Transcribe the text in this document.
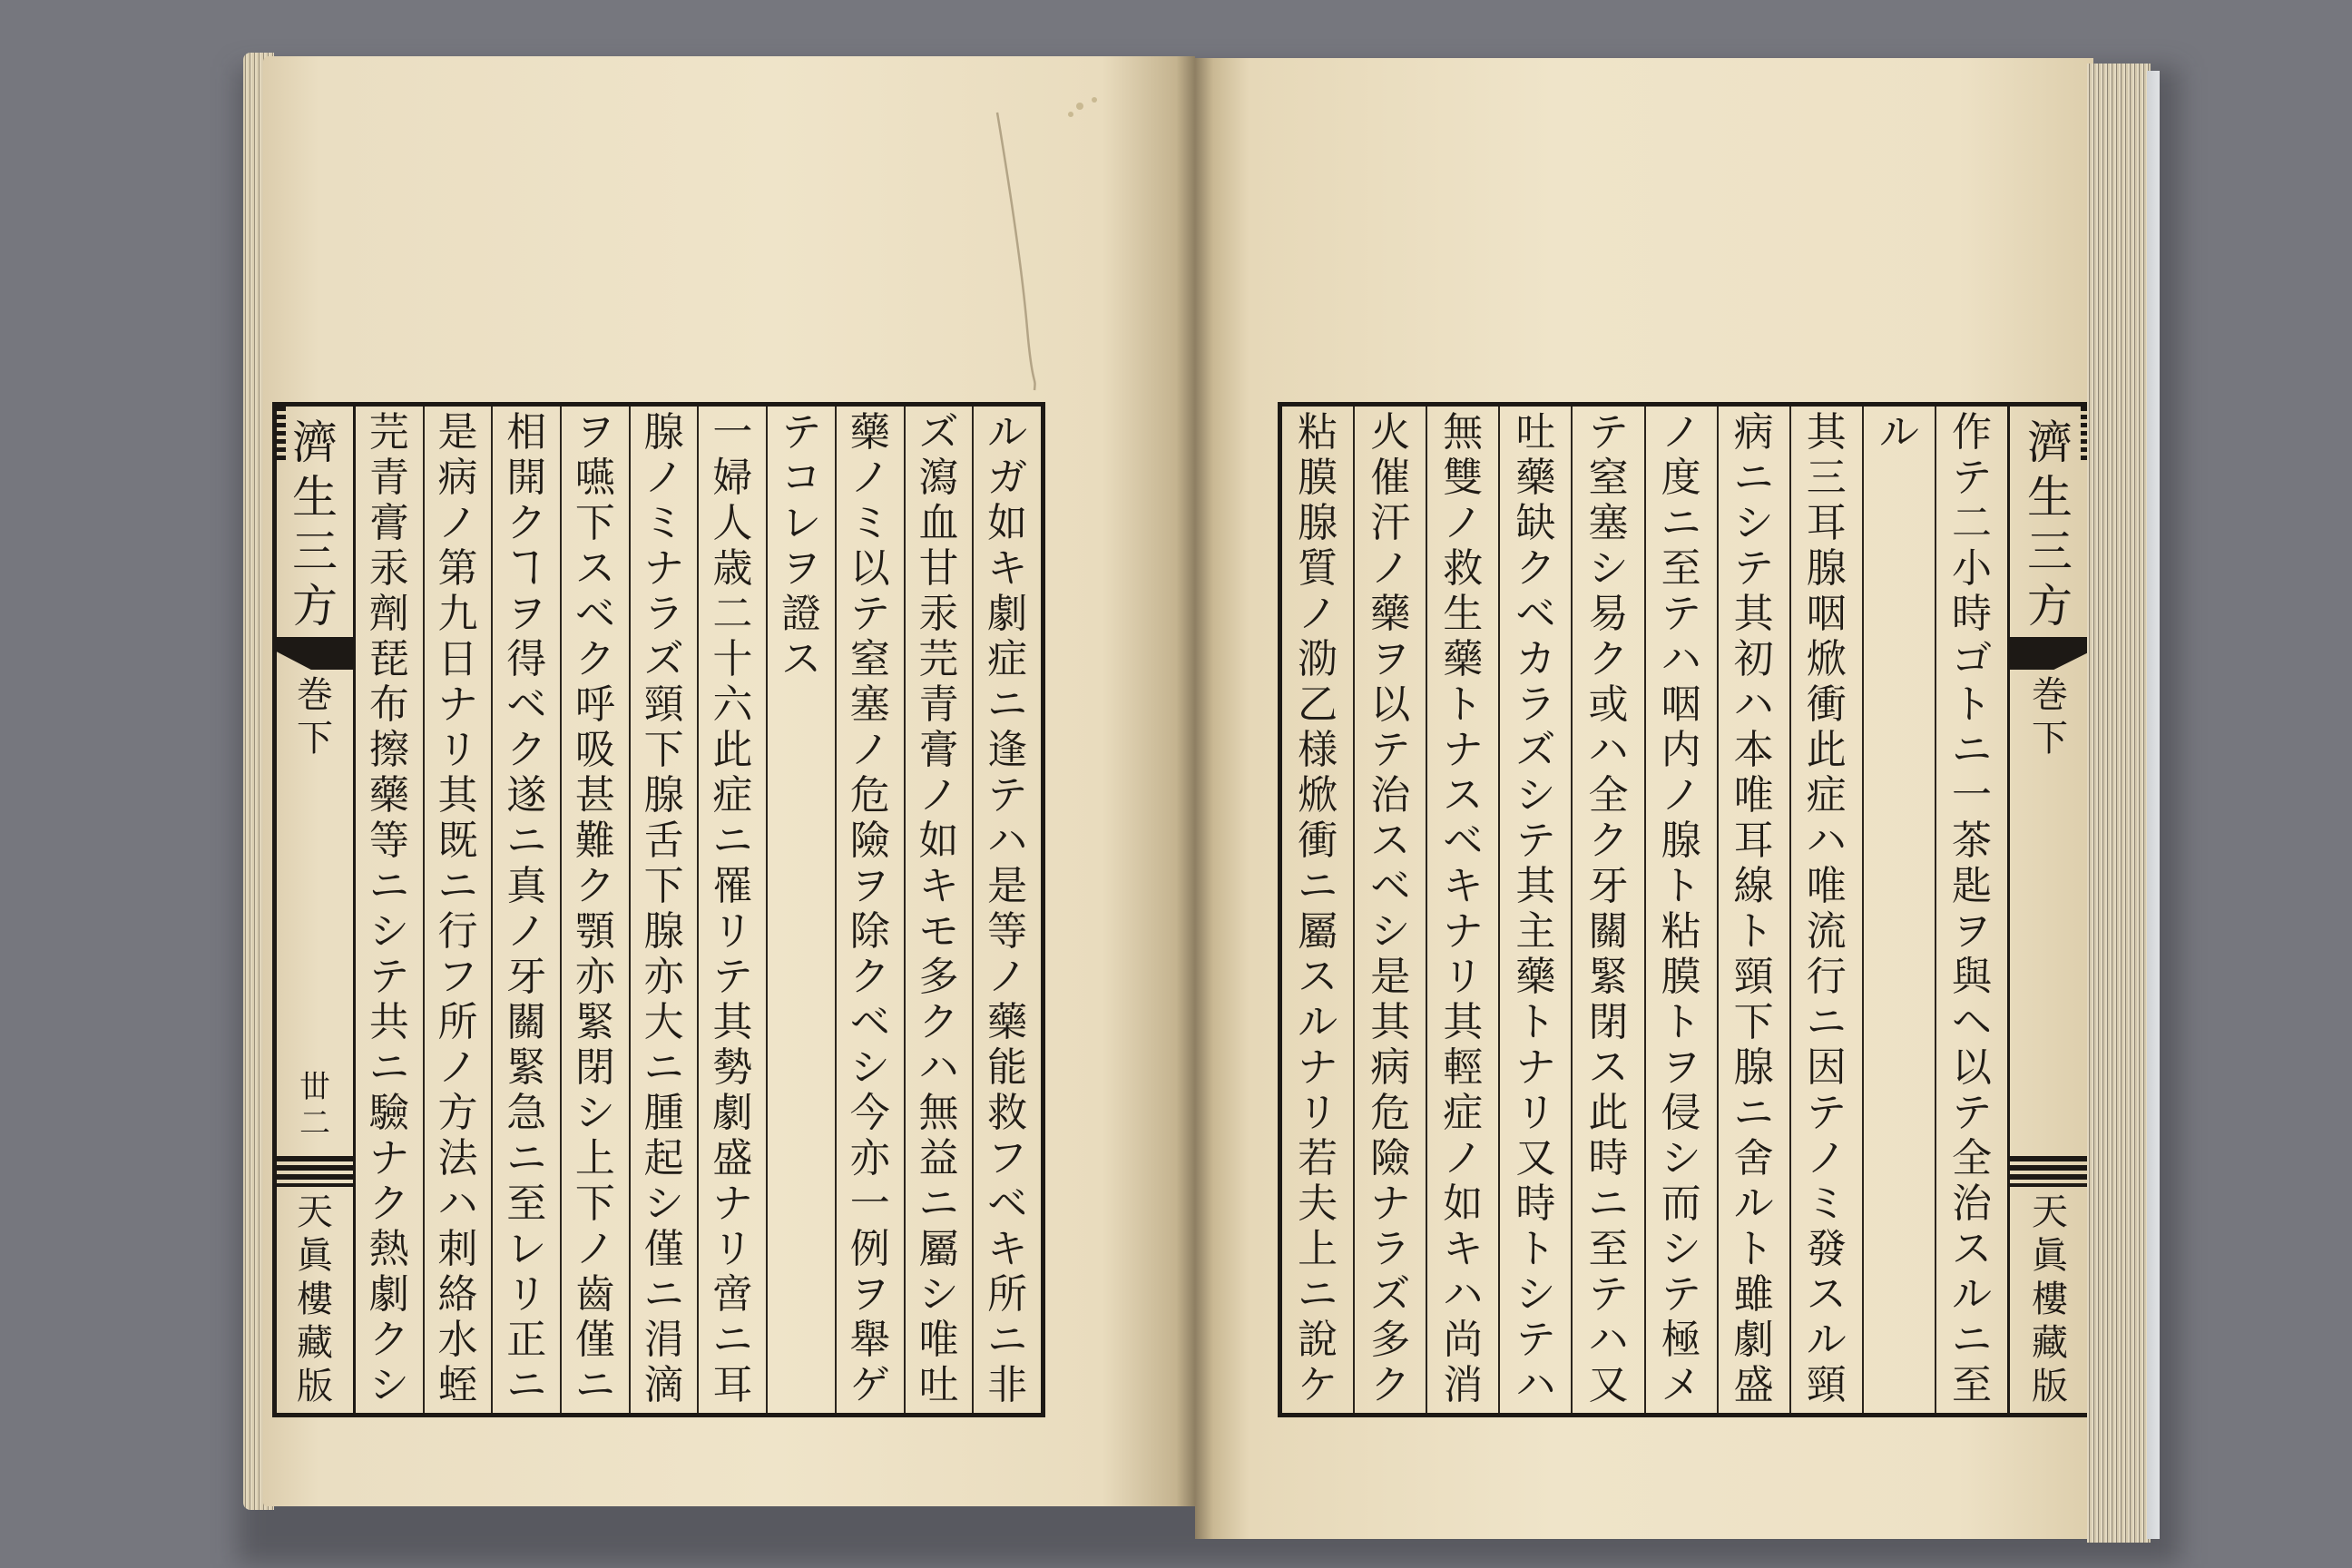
濟
生
三
方
巻
下
丗
二
天
眞
樓
藏
版
ル
ガ
如
キ
劇
症
ニ
逢
テ
ハ
是
等
ノ
藥
能
救
フ
ベ
キ
所
ニ
非
ズ
瀉
血
甘
汞
芫
青
膏
ノ
如
キ
モ
多
ク
ハ
無
益
ニ
屬
シ
唯
吐
藥
ノ
ミ
以
テ
窒
塞
ノ
危
險
ヲ
除
ク
ベ
シ
今
亦
一
例
ヲ
舉
ゲ
テ
コ
レ
ヲ
證
ス
一
婦
人
歳
二
十
六
此
症
ニ
罹
リ
テ
其
勢
劇
盛
ナ
リ
啻
ニ
耳
腺
ノ
ミ
ナ
ラ
ズ
頸
下
腺
舌
下
腺
亦
大
ニ
腫
起
シ
僅
ニ
涓
滴
ヲ
嚥
下
ス
ベ
ク
呼
吸
甚
難
ク
顎
亦
緊
閉
シ
上
下
ノ
齒
僅
ニ
相
開
ク
ヿ
ヲ
得
ベ
ク
遂
ニ
真
ノ
牙
關
緊
急
ニ
至
レ
リ
正
ニ
是
病
ノ
第
九
日
ナ
リ
其
既
ニ
行
フ
所
ノ
方
法
ハ
刺
絡
水
蛭
芫
青
膏
汞
劑
琵
布
擦
藥
等
ニ
シ
テ
共
ニ
驗
ナ
ク
熱
劇
ク
シ
濟
生
三
方
巻
下
天
眞
樓
藏
版
作
テ
二
小
時
ゴ
ト
ニ
一
茶
匙
ヲ
與
ヘ
以
テ
全
治
ス
ル
ニ
至
ル
其
三
耳
腺
咽
焮
衝
此
症
ハ
唯
流
行
ニ
因
テ
ノ
ミ
發
ス
ル
頸
病
ニ
シ
テ
其
初
ハ
本
唯
耳
線
ト
頸
下
腺
ニ
舍
ル
ト
雖
劇
盛
ノ
度
ニ
至
テ
ハ
咽
内
ノ
腺
ト
粘
膜
ト
ヲ
侵
シ
而
シ
テ
極
メ
テ
窒
塞
シ
易
ク
或
ハ
全
ク
牙
關
緊
閉
ス
此
時
ニ
至
テ
ハ
又
吐
藥
缺
ク
ベ
カ
ラ
ズ
シ
テ
其
主
藥
ト
ナ
リ
又
時
ト
シ
テ
ハ
無
雙
ノ
救
生
藥
ト
ナ
ス
ベ
キ
ナ
リ
其
輕
症
ノ
如
キ
ハ
尚
消
火
催
汗
ノ
藥
ヲ
以
テ
治
ス
ベ
シ
是
其
病
危
險
ナ
ラ
ズ
多
ク
粘
膜
腺
質
ノ
泐
乙
様
焮
衝
ニ
屬
ス
ル
ナ
リ
若
夫
上
ニ
說
ケ
